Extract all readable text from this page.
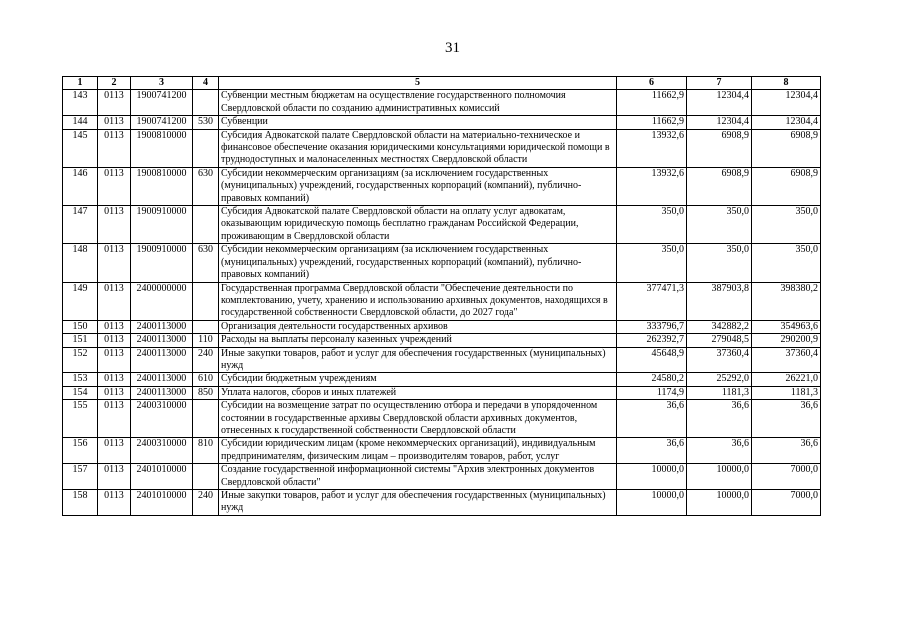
31
1	2	3	4	5	6	7	8
143	0113	1900741200		Субвенции местным бюджетам на осуществление государственного полномочия Свердловской области по созданию административных комиссий	11662,9	12304,4	12304,4
144	0113	1900741200	530	Субвенции	11662,9	12304,4	12304,4
145	0113	1900810000		Субсидия Адвокатской палате Свердловской области на материально-техническое и финансовое обеспечение оказания юридическими консультациями юридической помощи в труднодоступных и малонаселенных местностях Свердловской области	13932,6	6908,9	6908,9
146	0113	1900810000	630	Субсидии некоммерческим организациям (за исключением государственных (муниципальных) учреждений, государственных корпораций (компаний), публично-правовых компаний)	13932,6	6908,9	6908,9
147	0113	1900910000		Субсидия Адвокатской палате Свердловской области на оплату услуг адвокатам, оказывающим юридическую помощь бесплатно гражданам Российской Федерации, проживающим в Свердловской области	350,0	350,0	350,0
148	0113	1900910000	630	Субсидии некоммерческим организациям (за исключением государственных (муниципальных) учреждений, государственных корпораций (компаний), публично-правовых компаний)	350,0	350,0	350,0
149	0113	2400000000		Государственная программа Свердловской области "Обеспечение деятельности по комплектованию, учету, хранению и использованию архивных документов, находящихся в государственной собственности Свердловской области, до 2027 года"	377471,3	387903,8	398380,2
150	0113	2400113000		Организация деятельности государственных архивов	333796,7	342882,2	354963,6
151	0113	2400113000	110	Расходы на выплаты персоналу казенных учреждений	262392,7	279048,5	290200,9
152	0113	2400113000	240	Иные закупки товаров, работ и услуг для обеспечения государственных (муниципальных) нужд	45648,9	37360,4	37360,4
153	0113	2400113000	610	Субсидии бюджетным учреждениям	24580,2	25292,0	26221,0
154	0113	2400113000	850	Уплата налогов, сборов и иных платежей	1174,9	1181,3	1181,3
155	0113	2400310000		Субсидии на возмещение затрат по осуществлению отбора и передачи в упорядоченном состоянии в государственные архивы Свердловской области архивных документов, отнесенных к государственной собственности Свердловской области	36,6	36,6	36,6
156	0113	2400310000	810	Субсидии юридическим лицам (кроме некоммерческих организаций), индивидуальным предпринимателям, физическим лицам – производителям товаров, работ, услуг	36,6	36,6	36,6
157	0113	2401010000		Создание государственной информационной системы "Архив электронных документов Свердловской области"	10000,0	10000,0	7000,0
158	0113	2401010000	240	Иные закупки товаров, работ и услуг для обеспечения государственных (муниципальных) нужд	10000,0	10000,0	7000,0
